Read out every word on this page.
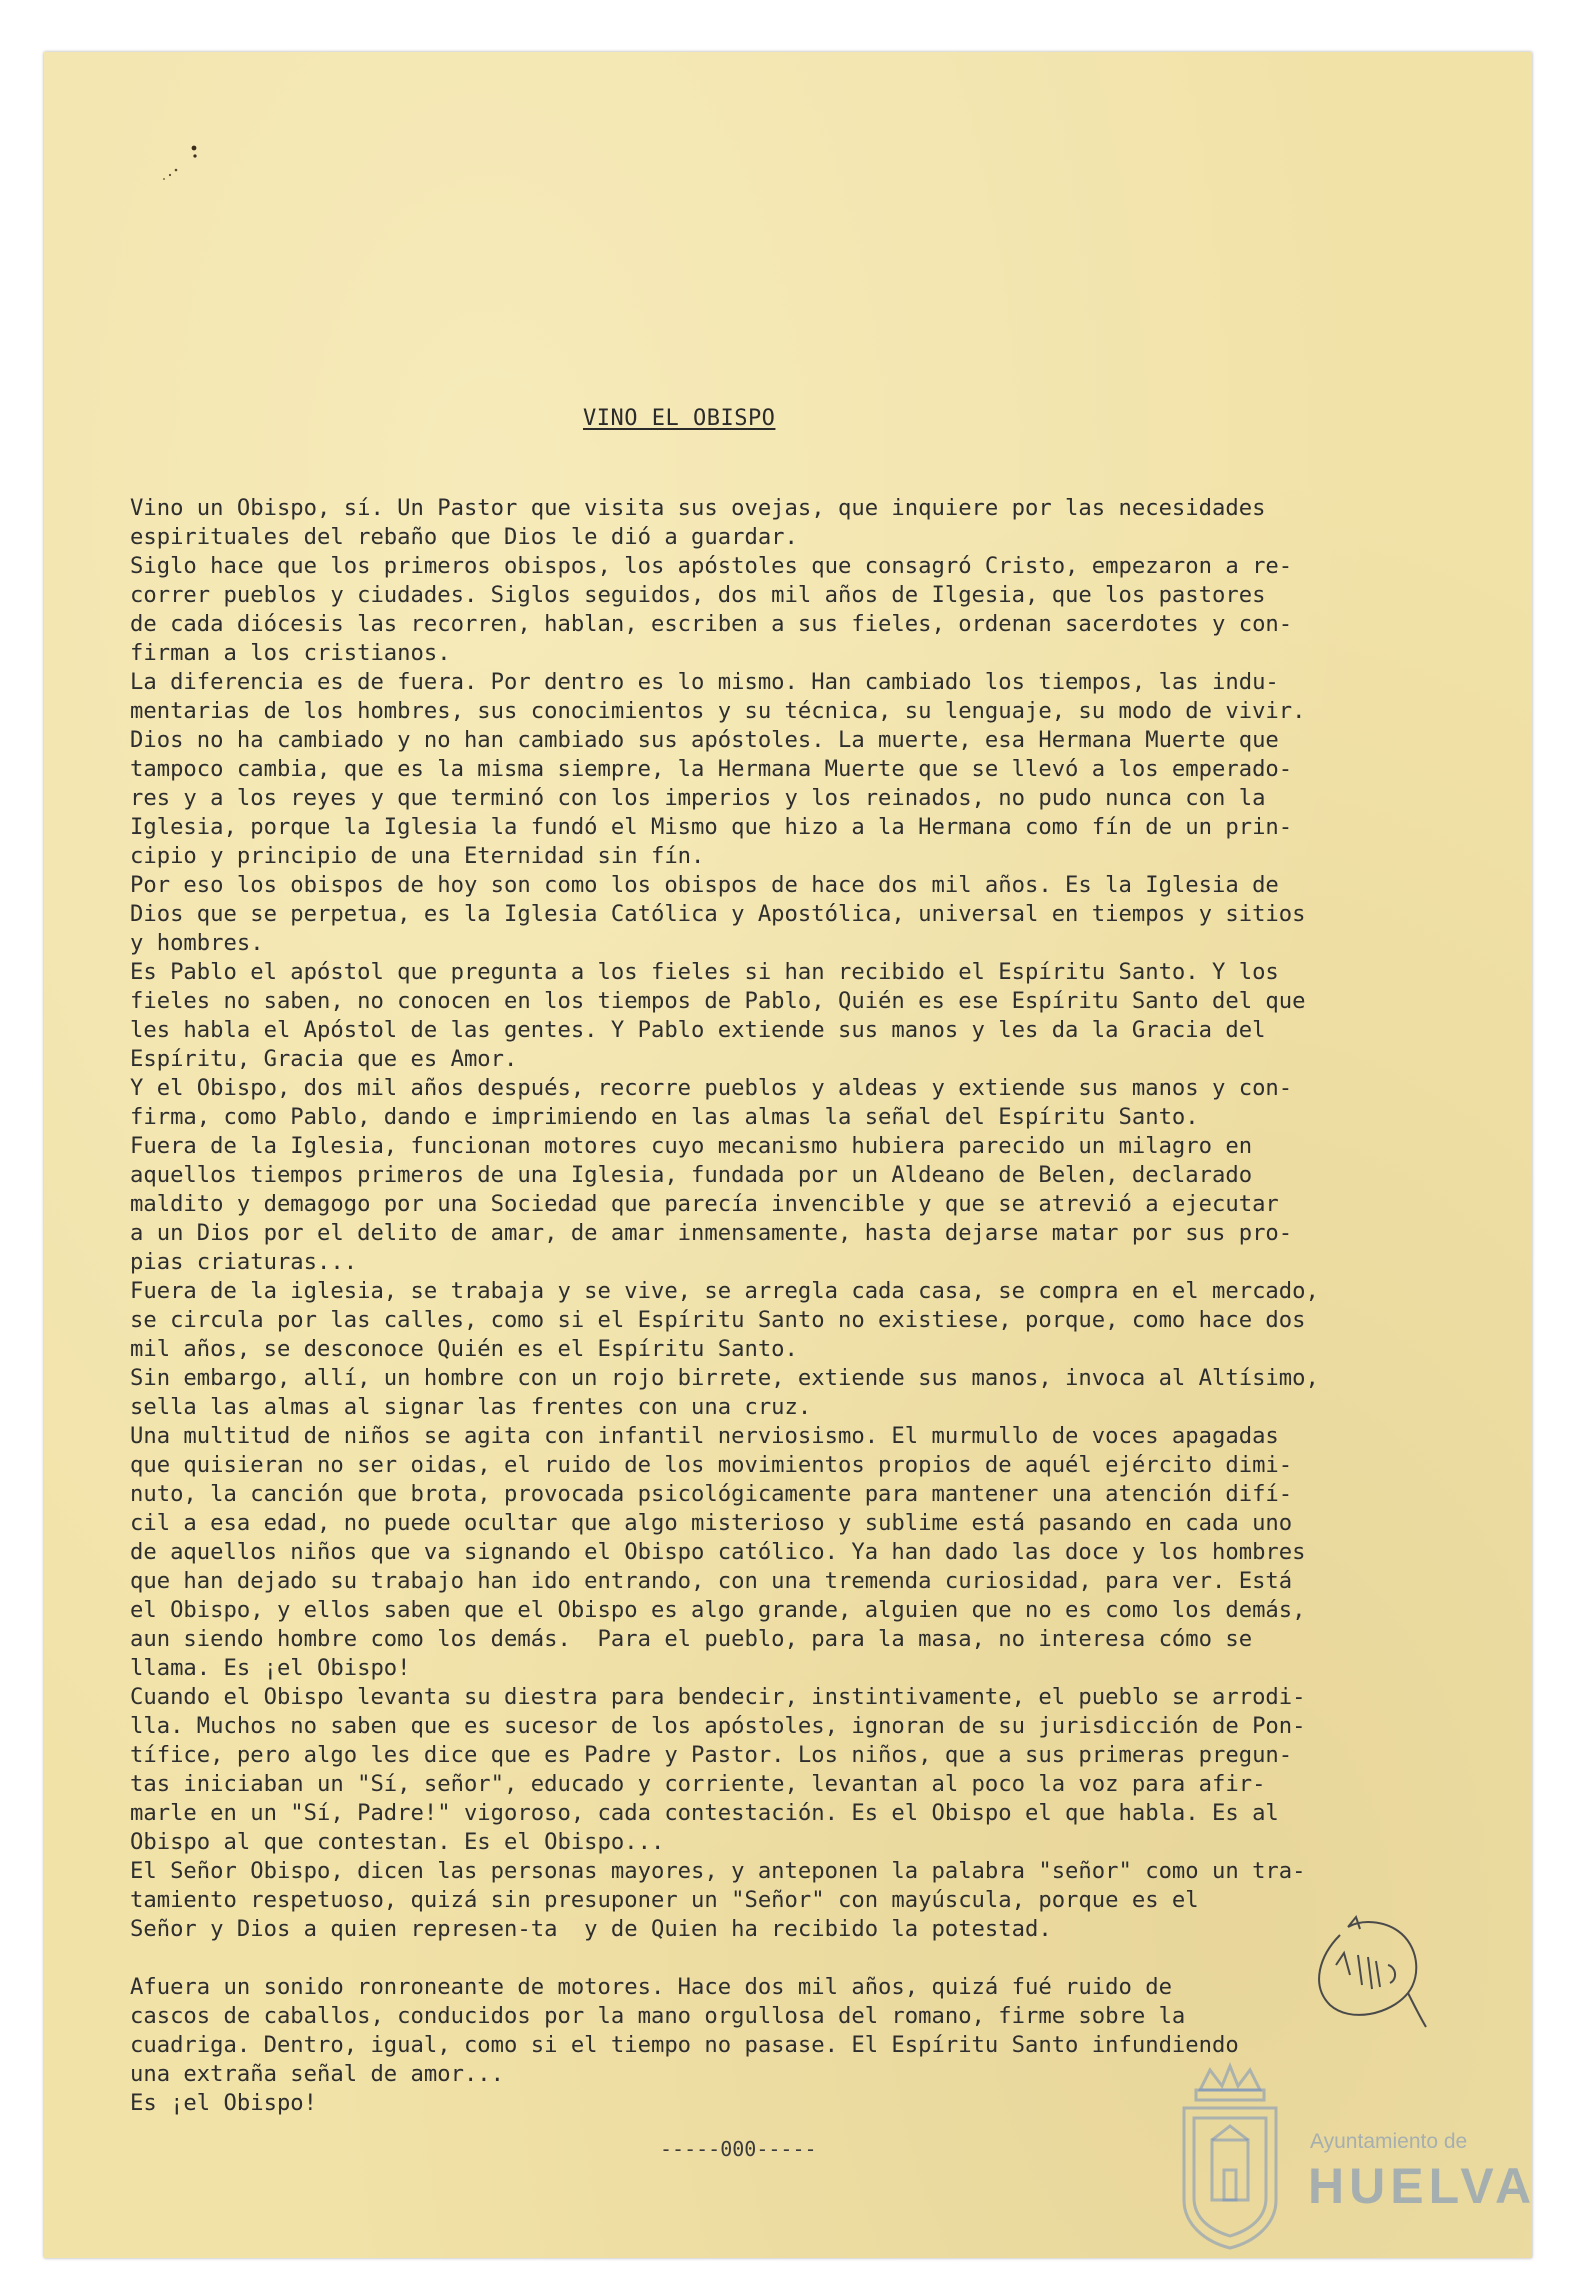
VINO EL OBISPO
Vino un Obispo, sí. Un Pastor que visita sus ovejas, que inquiere por las necesidades
espirituales del rebaño que Dios le dió a guardar.
Siglo hace que los primeros obispos, los apóstoles que consagró Cristo, empezaron a re-
correr pueblos y ciudades. Siglos seguidos, dos mil años de Ilgesia, que los pastores
de cada diócesis las recorren, hablan, escriben a sus fieles, ordenan sacerdotes y con-
firman a los cristianos.
La diferencia es de fuera. Por dentro es lo mismo. Han cambiado los tiempos, las indu-
mentarias de los hombres, sus conocimientos y su técnica, su lenguaje, su modo de vivir.
Dios no ha cambiado y no han cambiado sus apóstoles. La muerte, esa Hermana Muerte que
tampoco cambia, que es la misma siempre, la Hermana Muerte que se llevó a los emperado-
res y a los reyes y que terminó con los imperios y los reinados, no pudo nunca con la
Iglesia, porque la Iglesia la fundó el Mismo que hizo a la Hermana como fín de un prin-
cipio y principio de una Eternidad sin fín.
Por eso los obispos de hoy son como los obispos de hace dos mil años. Es la Iglesia de
Dios que se perpetua, es la Iglesia Católica y Apostólica, universal en tiempos y sitios
y hombres.
Es Pablo el apóstol que pregunta a los fieles si han recibido el Espíritu Santo. Y los
fieles no saben, no conocen en los tiempos de Pablo, Quién es ese Espíritu Santo del que
les habla el Apóstol de las gentes. Y Pablo extiende sus manos y les da la Gracia del
Espíritu, Gracia que es Amor.
Y el Obispo, dos mil años después, recorre pueblos y aldeas y extiende sus manos y con-
firma, como Pablo, dando e imprimiendo en las almas la señal del Espíritu Santo.
Fuera de la Iglesia, funcionan motores cuyo mecanismo hubiera parecido un milagro en
aquellos tiempos primeros de una Iglesia, fundada por un Aldeano de Belen, declarado
maldito y demagogo por una Sociedad que parecía invencible y que se atrevió a ejecutar
a un Dios por el delito de amar, de amar inmensamente, hasta dejarse matar por sus pro-
pias criaturas...
Fuera de la iglesia, se trabaja y se vive, se arregla cada casa, se compra en el mercado,
se circula por las calles, como si el Espíritu Santo no existiese, porque, como hace dos
mil años, se desconoce Quién es el Espíritu Santo.
Sin embargo, allí, un hombre con un rojo birrete, extiende sus manos, invoca al Altísimo,
sella las almas al signar las frentes con una cruz.
Una multitud de niños se agita con infantil nerviosismo. El murmullo de voces apagadas
que quisieran no ser oidas, el ruido de los movimientos propios de aquél ejército dimi-
nuto, la canción que brota, provocada psicológicamente para mantener una atención difí-
cil a esa edad, no puede ocultar que algo misterioso y sublime está pasando en cada uno
de aquellos niños que va signando el Obispo católico. Ya han dado las doce y los hombres
que han dejado su trabajo han ido entrando, con una tremenda curiosidad, para ver. Está
el Obispo, y ellos saben que el Obispo es algo grande, alguien que no es como los demás,
aun siendo hombre como los demás.  Para el pueblo, para la masa, no interesa cómo se
llama. Es ¡el Obispo!
Cuando el Obispo levanta su diestra para bendecir, instintivamente, el pueblo se arrodi-
lla. Muchos no saben que es sucesor de los apóstoles, ignoran de su jurisdicción de Pon-
tífice, pero algo les dice que es Padre y Pastor. Los niños, que a sus primeras pregun-
tas iniciaban un "Sí, señor", educado y corriente, levantan al poco la voz para afir-
marle en un "Sí, Padre!" vigoroso, cada contestación. Es el Obispo el que habla. Es al
Obispo al que contestan. Es el Obispo...
El Señor Obispo, dicen las personas mayores, y anteponen la palabra "señor" como un tra-
tamiento respetuoso, quizá sin presuponer un "Señor" con mayúscula, porque es el
Señor y Dios a quien represen-ta  y de Quien ha recibido la potestad.
Afuera un sonido ronroneante de motores. Hace dos mil años, quizá fué ruido de
cascos de caballos, conducidos por la mano orgullosa del romano, firme sobre la
cuadriga. Dentro, igual, como si el tiempo no pasase. El Espíritu Santo infundiendo
una extraña señal de amor...
Es ¡el Obispo!

-----000-----	Ayuntamiento de

HUELVA
